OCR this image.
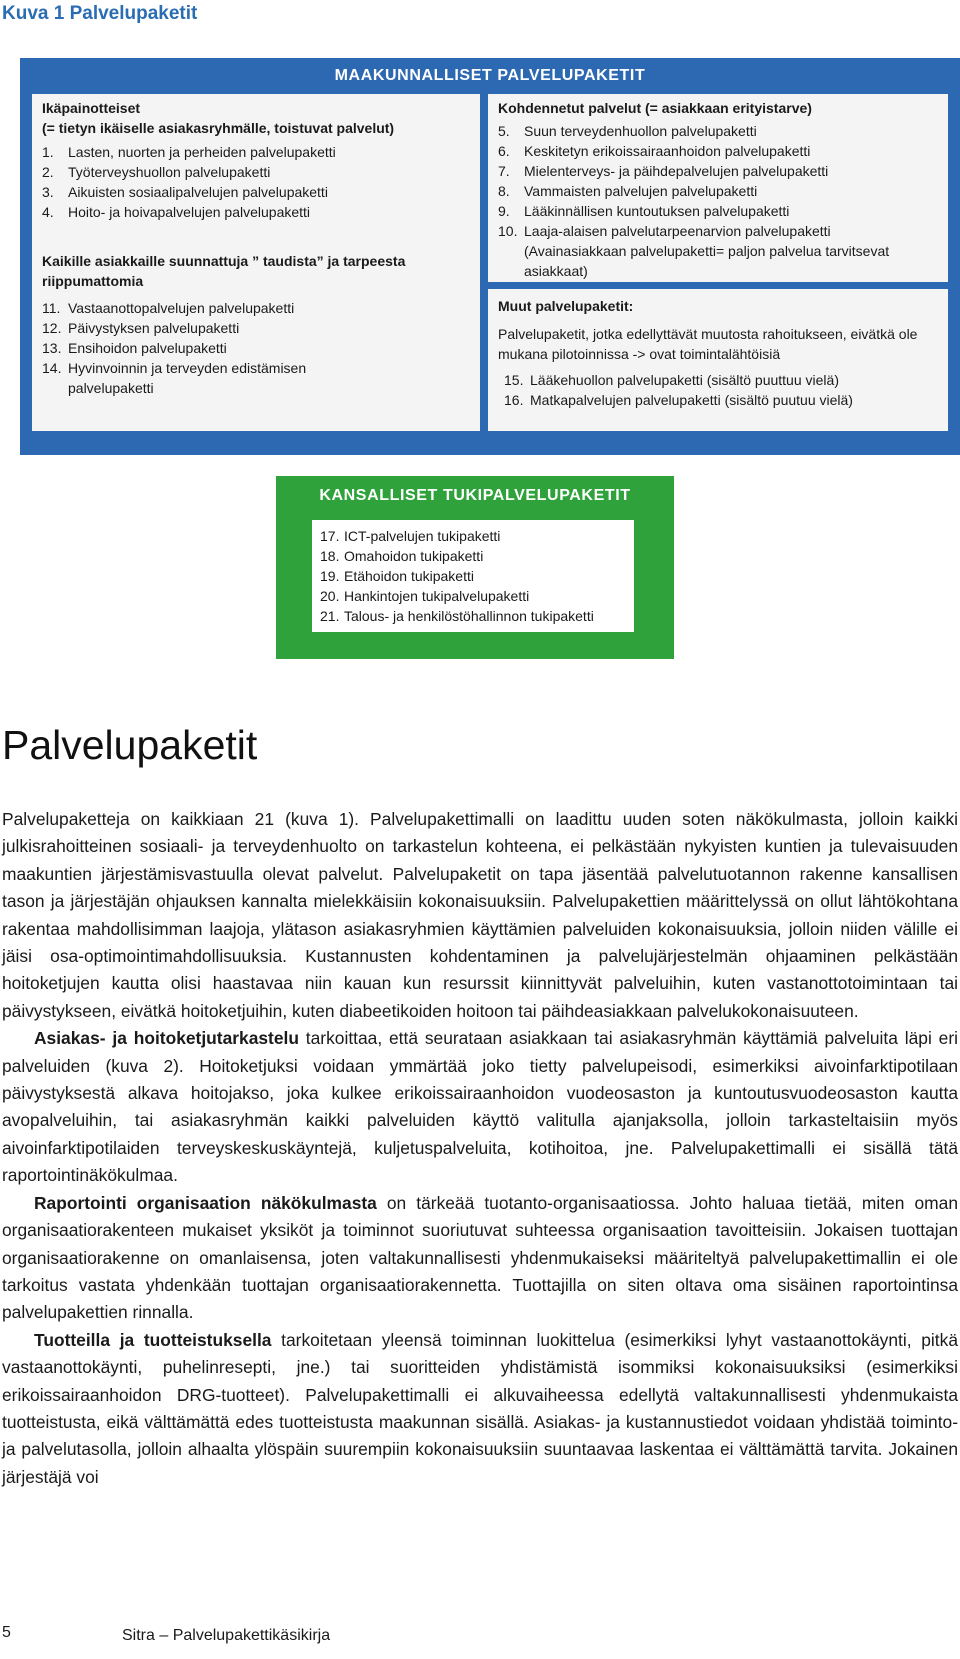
Kuva 1 Palvelupaketit
MAAKUNNALLISET PALVELUPAKETIT
Ikäpainotteiset
(= tietyn ikäiselle asiakasryhmälle, toistuvat palvelut)
1.	Lasten, nuorten ja perheiden palvelupaketti
2.	Työterveyshuollon palvelupaketti
3.	Aikuisten sosiaalipalvelujen palvelupaketti
4.	Hoito- ja hoivapalvelujen palvelupaketti
Kaikille asiakkaille suunnattuja ” taudista” ja tarpeesta riippumattomia
11. Vastaanottopalvelujen palvelupaketti
12. Päivystyksen palvelupaketti
13. Ensihoidon palvelupaketti
14. Hyvinvoinnin ja terveyden edistämisen palvelupaketti
Kohdennetut palvelut (= asiakkaan erityistarve)
5.	Suun terveydenhuollon palvelupaketti
6.	Keskitetyn erikoissairaanhoidon palvelupaketti
7.	Mielenterveys- ja päihdepalvelujen palvelupaketti
8.	Vammaisten palvelujen palvelupaketti
9.	Lääkinnällisen kuntoutuksen palvelupaketti
10. Laaja-alaisen palvelutarpeenarvion palvelupaketti (Avainasiakkaan palvelupaketti= paljon palvelua tarvitsevat asiakkaat)
Muut palvelupaketit:
Palvelupaketit, jotka edellyttävät muutosta rahoitukseen, eivätkä ole mukana pilotoinnissa -> ovat toimintalähtöisiä
15. Lääkehuollon palvelupaketti (sisältö puuttuu vielä)
16. Matkapalvelujen palvelupaketti (sisältö puutuu vielä)
KANSALLISET TUKIPALVELUPAKETIT
17. ICT-palvelujen tukipaketti
18. Omahoidon tukipaketti
19. Etähoidon tukipaketti
20. Hankintojen tukipalvelupaketti
21. Talous- ja henkilöstöhallinnon tukipaketti
Palvelupaketit

Palvelupaketteja on kaikkiaan 21 (kuva 1). Palvelupakettimalli on laadittu uuden soten näkökulmasta, jolloin kaikki julkisrahoitteinen sosiaali- ja terveydenhuolto on tarkastelun kohteena, ei pelkästään nykyisten kuntien ja tulevaisuuden maakuntien järjestämisvastuulla olevat palvelut. Palvelupaketit on tapa jäsentää palvelutuotannon rakenne kansallisen tason ja järjestäjän ohjauksen kannalta mielekkäisiin kokonaisuuksiin. Palvelupakettien määrittelyssä on ollut lähtökohtana rakentaa mahdollisimman laajoja, ylätason asiakasryhmien käyttämien palveluiden kokonaisuuksia, jolloin niiden välille ei jäisi osa-optimointimahdollisuuksia. Kustannusten kohdentaminen ja palvelujärjestelmän ohjaaminen pelkästään hoitoketjujen kautta olisi haastavaa niin kauan kun resurssit kiinnittyvät palveluihin, kuten vastanottotoimintaan tai päivystykseen, eivätkä hoitoketjuihin, kuten diabeetikoiden hoitoon tai päihdeasiakkaan palvelukokonaisuuteen.

Asiakas- ja hoitoketjutarkastelu tarkoittaa, että seurataan asiakkaan tai asiakasryhmän käyttämiä palveluita läpi eri palveluiden (kuva 2). Hoitoketjuksi voidaan ymmärtää joko tietty palvelupeisodi, esimerkiksi aivoinfarktipotilaan päivystyksestä alkava hoitojakso, joka kulkee erikoissairaanhoidon vuodeosaston ja kuntoutusvuodeosaston kautta avopalveluihin, tai asiakasryhmän kaikki palveluiden käyttö valitulla ajanjaksolla, jolloin tarkasteltaisiin myös aivoinfarktipotilaiden terveyskeskuskäyntejä, kuljetuspalveluita, kotihoitoa, jne. Palvelupakettimalli ei sisällä tätä raportointinäkökulmaa.

Raportointi organisaation näkökulmasta on tärkeää tuotanto-organisaatiossa. Johto haluaa tietää, miten oman organisaatiorakenteen mukaiset yksiköt ja toiminnot suoriutuvat suhteessa organisaation tavoitteisiin. Jokaisen tuottajan organisaatiorakenne on omanlaisensa, joten valtakunnallisesti yhdenmukaiseksi määriteltyä palvelupakettimallin ei ole tarkoitus vastata yhdenkään tuottajan organisaatiorakennetta. Tuottajilla on siten oltava oma sisäinen raportointinsa palvelupakettien rinnalla.

Tuotteilla ja tuotteistuksella tarkoitetaan yleensä toiminnan luokittelua (esimerkiksi lyhyt vastaanottokäynti, pitkä vastaanottokäynti, puhelinresepti, jne.) tai suoritteiden yhdistämistä isommiksi kokonaisuuksiksi (esimerkiksi erikoissairaanhoidon DRG-tuotteet). Palvelupakettimalli ei alkuvaiheessa edellytä valtakunnallisesti yhdenmukaista tuotteistusta, eikä välttämättä edes tuotteistusta maakunnan sisällä. Asiakas- ja kustannustiedot voidaan yhdistää toiminto- ja palvelutasolla, jolloin alhaalta ylöspäin suurempiin kokonaisuuksiin suuntaavaa laskentaa ei välttämättä tarvita. Jokainen järjestäjä voi

5	Sitra – Palvelupakettikäsikirja
